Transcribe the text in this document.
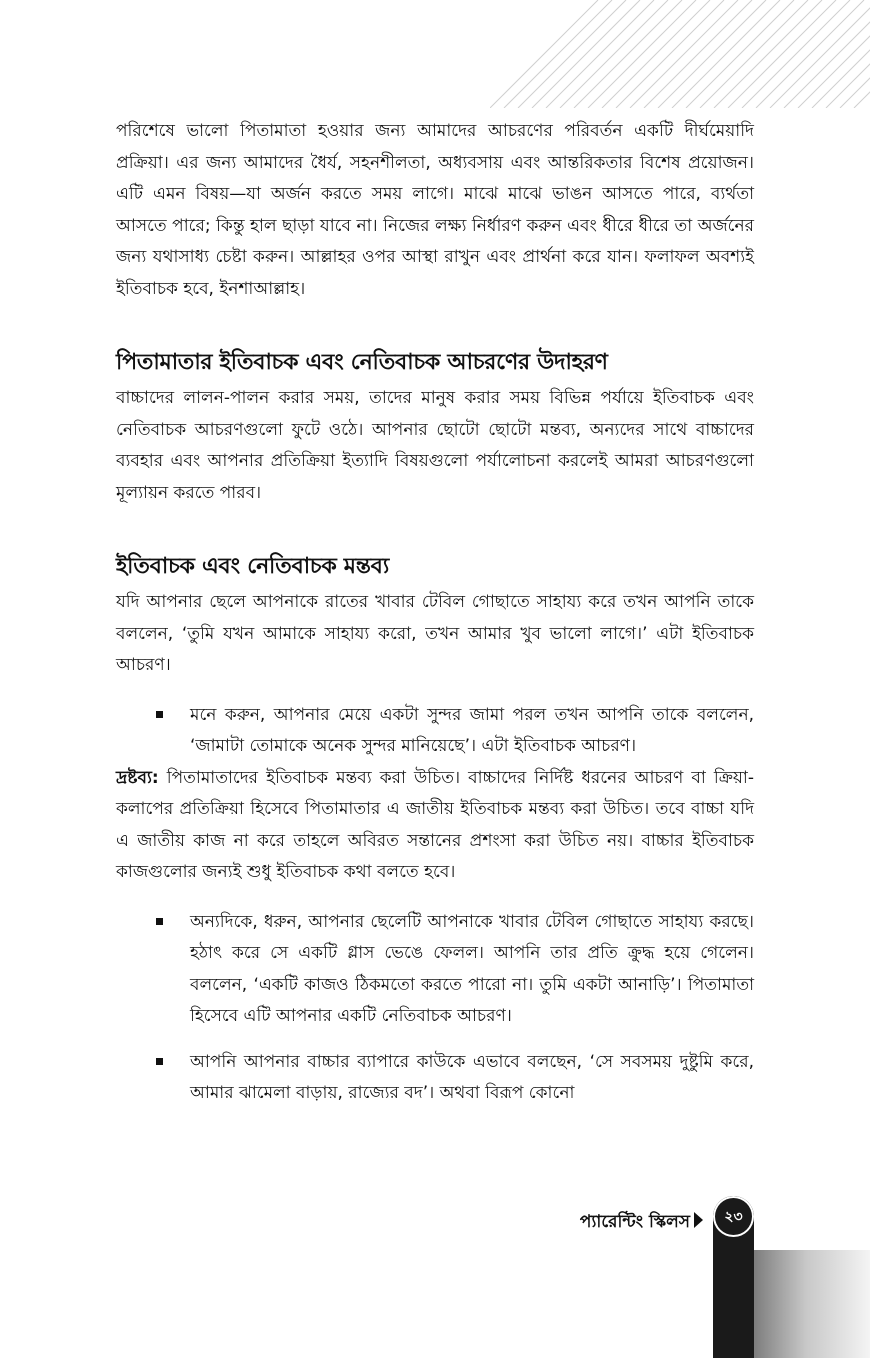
পরিশেষে ভালো পিতামাতা হওয়ার জন্য আমাদের আচরণের পরিবর্তন একটি দীর্ঘমেয়াদি প্রক্রিয়া। এর জন্য আমাদের ধৈর্য, সহনশীলতা, অধ্যবসায় এবং আন্তরিকতার বিশেষ প্রয়োজন। এটি এমন বিষয়—যা অর্জন করতে সময় লাগে। মাঝে মাঝে ভাঙন আসতে পারে, ব্যর্থতা আসতে পারে; কিন্তু হাল ছাড়া যাবে না। নিজের লক্ষ্য নির্ধারণ করুন এবং ধীরে ধীরে তা অর্জনের জন্য যথাসাধ্য চেষ্টা করুন। আল্লাহর ওপর আস্থা রাখুন এবং প্রার্থনা করে যান। ফলাফল অবশ্যই ইতিবাচক হবে, ইনশাআল্লাহ।

পিতামাতার ইতিবাচক এবং নেতিবাচক আচরণের উদাহরণ

বাচ্চাদের লালন-পালন করার সময়, তাদের মানুষ করার সময় বিভিন্ন পর্যায়ে ইতিবাচক এবং নেতিবাচক আচরণগুলো ফুটে ওঠে। আপনার ছোটো ছোটো মন্তব্য, অন্যদের সাথে বাচ্চাদের ব্যবহার এবং আপনার প্রতিক্রিয়া ইত্যাদি বিষয়গুলো পর্যালোচনা করলেই আমরা আচরণগুলো মূল্যায়ন করতে পারব।

ইতিবাচক এবং নেতিবাচক মন্তব্য

যদি আপনার ছেলে আপনাকে রাতের খাবার টেবিল গোছাতে সাহায্য করে তখন আপনি তাকে বললেন, ‘তুমি যখন আমাকে সাহায্য করো, তখন আমার খুব ভালো লাগে।’ এটা ইতিবাচক আচরণ।

মনে করুন, আপনার মেয়ে একটা সুন্দর জামা পরল তখন আপনি তাকে বললেন, ‘জামাটা তোমাকে অনেক সুন্দর মানিয়েছে’। এটা ইতিবাচক আচরণ।

দ্রষ্টব্য: পিতামাতাদের ইতিবাচক মন্তব্য করা উচিত। বাচ্চাদের নির্দিষ্ট ধরনের আচরণ বা ক্রিয়া-কলাপের প্রতিক্রিয়া হিসেবে পিতামাতার এ জাতীয় ইতিবাচক মন্তব্য করা উচিত। তবে বাচ্চা যদি এ জাতীয় কাজ না করে তাহলে অবিরত সন্তানের প্রশংসা করা উচিত নয়। বাচ্চার ইতিবাচক কাজগুলোর জন্যই শুধু ইতিবাচক কথা বলতে হবে।

অন্যদিকে, ধরুন, আপনার ছেলেটি আপনাকে খাবার টেবিল গোছাতে সাহায্য করছে। হঠাৎ করে সে একটি গ্লাস ভেঙে ফেলল। আপনি তার প্রতি ক্রুদ্ধ হয়ে গেলেন। বললেন, ‘একটি কাজও ঠিকমতো করতে পারো না। তুমি একটা আনাড়ি’। পিতামাতা হিসেবে এটি আপনার একটি নেতিবাচক আচরণ।
আপনি আপনার বাচ্চার ব্যাপারে কাউকে এভাবে বলছেন, ‘সে সবসময় দুষ্টুমি করে, আমার ঝামেলা বাড়ায়, রাজ্যের বদ’। অথবা বিরূপ কোনো
প্যারেন্টিং স্কিলস	২৩
